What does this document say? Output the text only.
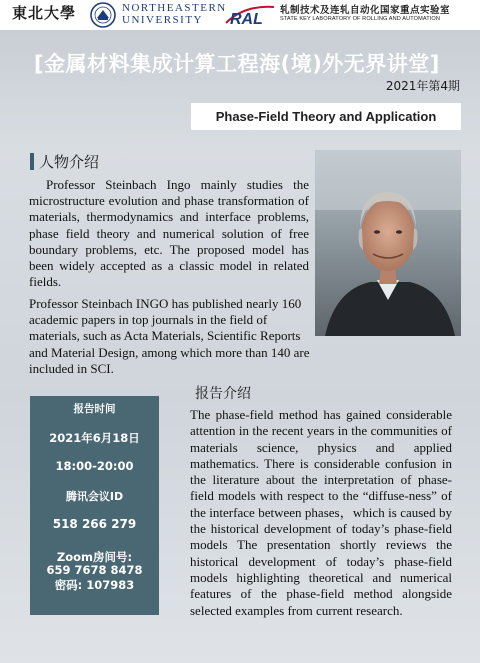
東北大學	NORTHEASTERN
UNIVERSITY	RAL
轧制技术及连轧自动化国家重点实验室
STATE KEY LABORATORY OF ROLLING AND AUTOMATION
[金属材料集成计算工程海(境)外无界讲堂]
2021年第4期
Phase-Field Theory and Application
人物介绍

Professor Steinbach Ingo mainly studies the microstructure evolution and phase transformation of materials, thermodynamics and interface problems, phase field theory and numerical solution of free boundary problems, etc. The proposed model has been widely accepted as a classic model in related fields.

Professor Steinbach INGO has published nearly 160 academic papers in top journals in the field of materials, such as Acta Materials, Scientific Reports and Material Design, among which more than 140 are included in SCI.

报告介绍
报告时间
2021年6月18日
18:00-20:00
腾讯会议ID
518 266 279
Zoom房间号:
659 7678 8478
密码: 107983

The phase-field method has gained considerable attention in the recent years in the communities of materials science, physics and applied mathematics. There is considerable confusion in the literature about the interpretation of phase-field models with respect to the “diffuse-ness” of the interface between phases，which is caused by the historical development of today’s phase-field models The presentation shortly reviews the historical development of today’s phase-field models highlighting theoretical and numerical features of the phase-field method alongside selected examples from current research.
